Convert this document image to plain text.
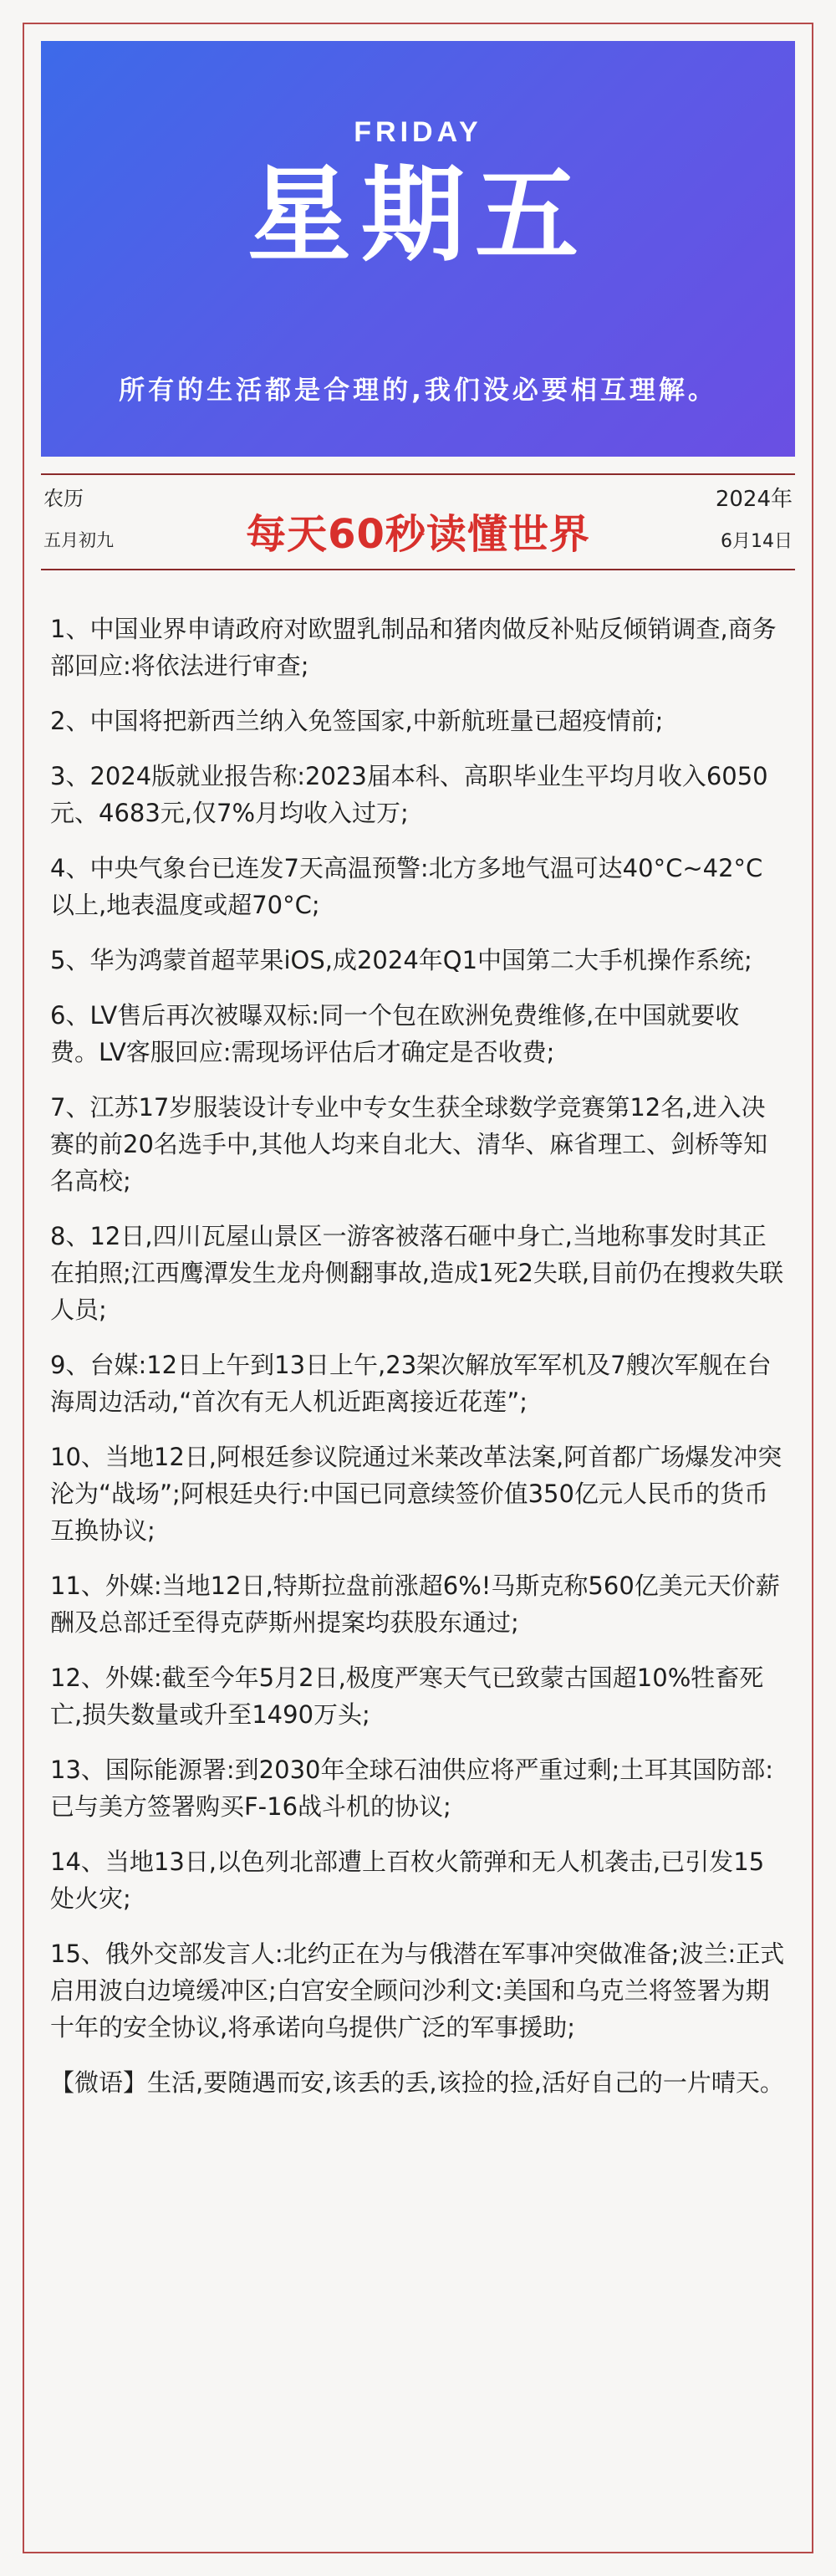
FRIDAY
星期五
所有的生活都是合理的,我们没必要相互理解。
农历
五月初九
2024年
6月14日
每天60秒读懂世界
1、中国业界申请政府对欧盟乳制品和猪肉做反补贴反倾销调查,商务部回应:将依法进行审查;
2、中国将把新西兰纳入免签国家,中新航班量已超疫情前;
3、2024版就业报告称:2023届本科、高职毕业生平均月收入6050元、4683元,仅7%月均收入过万;
4、中央气象台已连发7天高温预警:北方多地气温可达40°C~42°C以上,地表温度或超70°C;
5、华为鸿蒙首超苹果iOS,成2024年Q1中国第二大手机操作系统;
6、LV售后再次被曝双标:同一个包在欧洲免费维修,在中国就要收费。LV客服回应:需现场评估后才确定是否收费;
7、江苏17岁服装设计专业中专女生获全球数学竞赛第12名,进入决赛的前20名选手中,其他人均来自北大、清华、麻省理工、剑桥等知名高校;
8、12日,四川瓦屋山景区一游客被落石砸中身亡,当地称事发时其正在拍照;江西鹰潭发生龙舟侧翻事故,造成1死2失联,目前仍在搜救失联人员;
9、台媒:12日上午到13日上午,23架次解放军军机及7艘次军舰在台海周边活动,“首次有无人机近距离接近花莲”;
10、当地12日,阿根廷参议院通过米莱改革法案,阿首都广场爆发冲突沦为“战场”;阿根廷央行:中国已同意续签价值350亿元人民币的货币互换协议;
11、外媒:当地12日,特斯拉盘前涨超6%!马斯克称560亿美元天价薪酬及总部迁至得克萨斯州提案均获股东通过;
12、外媒:截至今年5月2日,极度严寒天气已致蒙古国超10%牲畜死亡,损失数量或升至1490万头;
13、国际能源署:到2030年全球石油供应将严重过剩;土耳其国防部:已与美方签署购买F-16战斗机的协议;
14、当地13日,以色列北部遭上百枚火箭弹和无人机袭击,已引发15处火灾;
15、俄外交部发言人:北约正在为与俄潜在军事冲突做准备;波兰:正式启用波白边境缓冲区;白宫安全顾问沙利文:美国和乌克兰将签署为期十年的安全协议,将承诺向乌提供广泛的军事援助;
【微语】生活,要随遇而安,该丢的丢,该捡的捡,活好自己的一片晴天。
